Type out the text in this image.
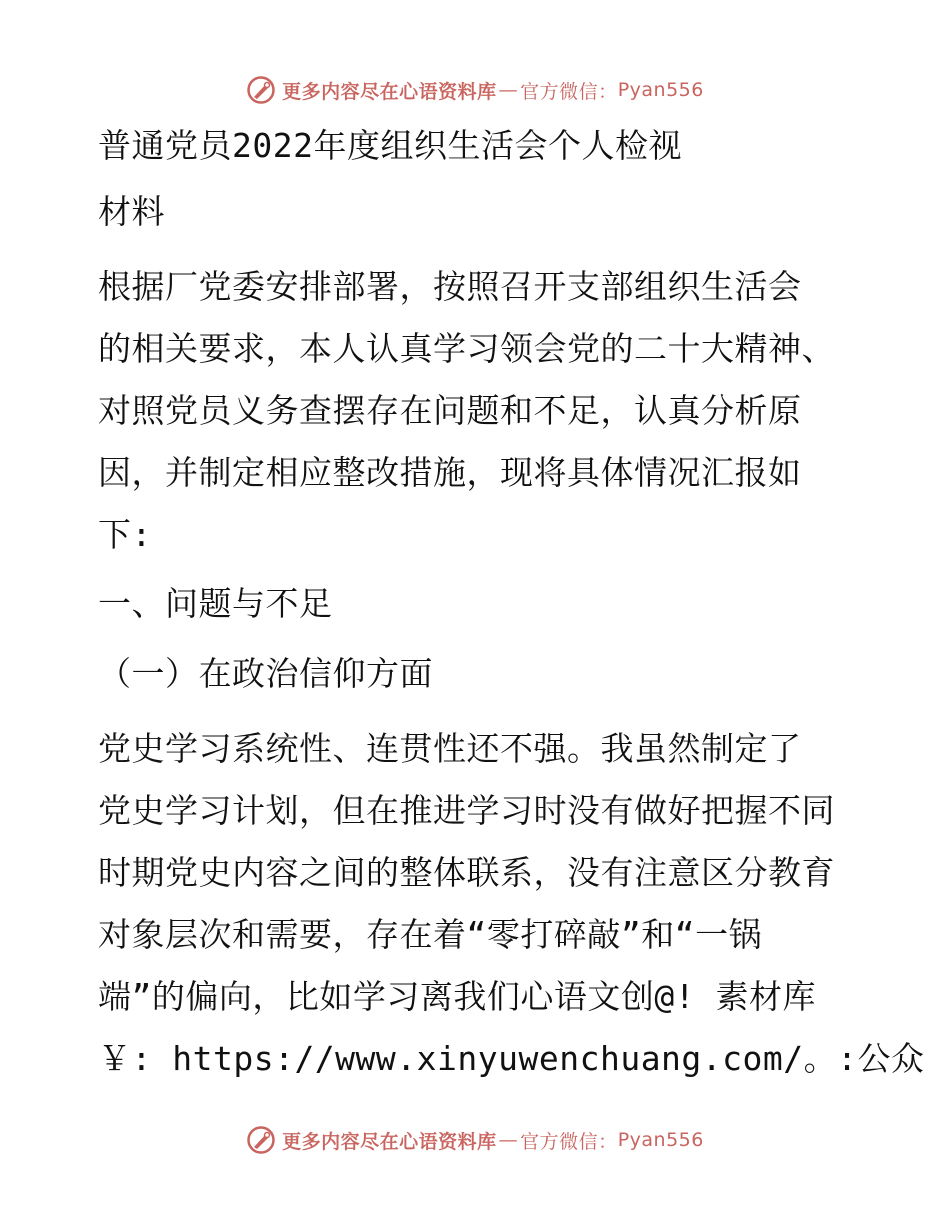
更多内容尽在心语资料库 — 官方微信： Pyan556
普通党员2022年度组织生活会个人检视
材料
根据厂党委安排部署，按照召开支部组织生活会
的相关要求，本人认真学习领会党的二十大精神、
对照党员义务查摆存在问题和不足，认真分析原
因，并制定相应整改措施，现将具体情况汇报如
下:
一、问题与不足
（一）在政治信仰方面
党史学习系统性、连贯性还不强。我虽然制定了
党史学习计划，但在推进学习时没有做好把握不同
时期党史内容之间的整体联系，没有注意区分教育
对象层次和需要，存在着“零打碎敲”和“一锅
端”的偏向，比如学习离我们心语文创@! 素材库
￥: https://www.xinyuwenchuang.com/。:公众
更多内容尽在心语资料库 — 官方微信： Pyan556
